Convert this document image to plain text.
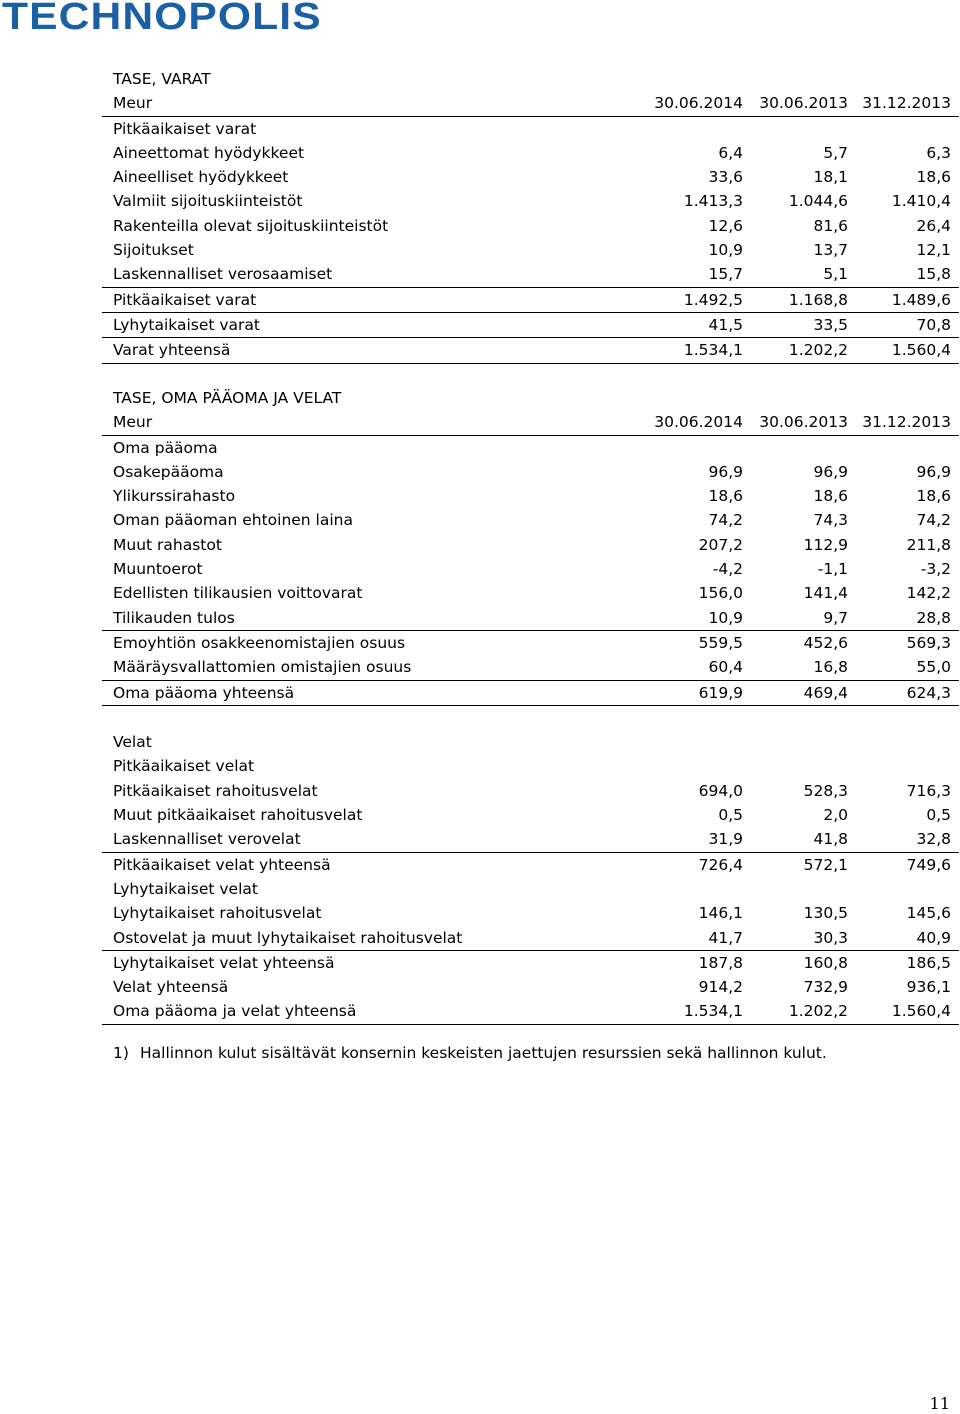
TECHNOPOLIS
TASE, VARAT
Meur	30.06.2014	30.06.2013 31.12.2013
Pitkäaikaiset varat
Aineettomat hyödykkeet	6,4	5,7	6,3
Aineelliset hyödykkeet	33,6	18,1	18,6
Valmiit sijoituskiinteistöt	1.413,3	1.044,6	1.410,4
Rakenteilla olevat sijoituskiinteistöt	12,6	81,6	26,4
Sijoitukset	10,9	13,7	12,1
Laskennalliset verosaamiset	15,7	5,1	15,8
Pitkäaikaiset varat	1.492,5	1.168,8	1.489,6
Lyhytaikaiset varat	41,5	33,5	70,8
Varat yhteensä	1.534,1	1.202,2	1.560,4
TASE, OMA PÄÄOMA JA VELAT
Meur	30.06.2014	30.06.2013 31.12.2013
Oma pääoma
Osakepääoma	96,9	96,9	96,9
Ylikurssirahasto	18,6	18,6	18,6
Oman pääoman ehtoinen laina	74,2	74,3	74,2
Muut rahastot	207,2	112,9	211,8
Muuntoerot	-4,2	-1,1	-3,2
Edellisten tilikausien voittovarat	156,0	141,4	142,2
Tilikauden tulos	10,9	9,7	28,8
Emoyhtiön osakkeenomistajien osuus	559,5	452,6	569,3
Määräysvallattomien omistajien osuus	60,4	16,8	55,0
Oma pääoma yhteensä	619,9	469,4	624,3
Velat
Pitkäaikaiset velat
Pitkäaikaiset rahoitusvelat	694,0	528,3	716,3
Muut pitkäaikaiset rahoitusvelat	0,5	2,0	0,5
Laskennalliset verovelat	31,9	41,8	32,8
Pitkäaikaiset velat yhteensä	726,4	572,1	749,6
Lyhytaikaiset velat
Lyhytaikaiset rahoitusvelat	146,1	130,5	145,6
Ostovelat ja muut lyhytaikaiset rahoitusvelat	41,7	30,3	40,9
Lyhytaikaiset velat yhteensä	187,8	160,8	186,5
Velat yhteensä	914,2	732,9	936,1
Oma pääoma ja velat yhteensä	1.534,1	1.202,2	1.560,4
1) Hallinnon kulut sisältävät konsernin keskeisten jaettujen resurssien sekä hallinnon kulut.
11
